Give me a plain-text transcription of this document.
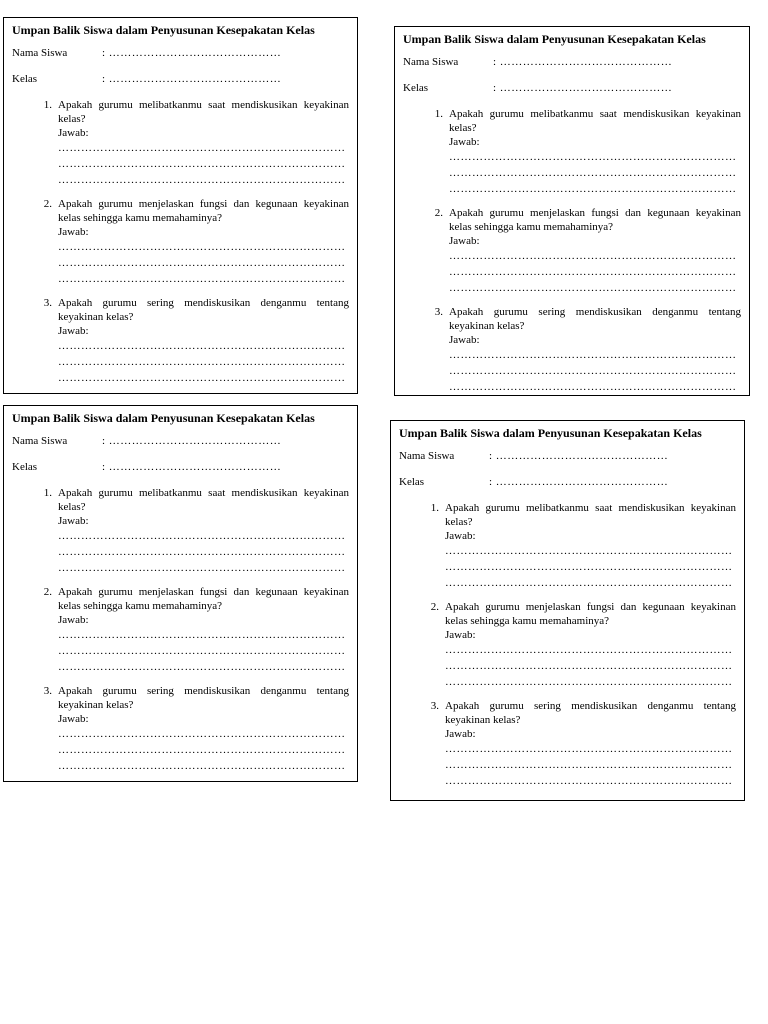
Umpan Balik Siswa dalam Penyusunan Kesepakatan Kelas
Nama Siswa	: ………………………………………
Kelas	: ………………………………………
1. Apakah gurumu melibatkanmu saat mendiskusikan keyakinan kelas?
Jawab:
…………………………………………………………………
…………………………………………………………………
…………………………………………………………………
2. Apakah gurumu menjelaskan fungsi dan kegunaan keyakinan kelas sehingga kamu memahaminya?
Jawab:
…………………………………………………………………
…………………………………………………………………
…………………………………………………………………
3. Apakah gurumu sering mendiskusikan denganmu tentang keyakinan kelas?
Jawab:
…………………………………………………………………
…………………………………………………………………
…………………………………………………………………
Umpan Balik Siswa dalam Penyusunan Kesepakatan Kelas
Nama Siswa	: ………………………………………
Kelas	: ………………………………………
1. Apakah gurumu melibatkanmu saat mendiskusikan keyakinan kelas?
Jawab:
…………………………………………………………………
…………………………………………………………………
…………………………………………………………………
2. Apakah gurumu menjelaskan fungsi dan kegunaan keyakinan kelas sehingga kamu memahaminya?
Jawab:
…………………………………………………………………
…………………………………………………………………
…………………………………………………………………
3. Apakah gurumu sering mendiskusikan denganmu tentang keyakinan kelas?
Jawab:
…………………………………………………………………
…………………………………………………………………
…………………………………………………………………
Umpan Balik Siswa dalam Penyusunan Kesepakatan Kelas
Nama Siswa	: ………………………………………
Kelas	: ………………………………………
1. Apakah gurumu melibatkanmu saat mendiskusikan keyakinan kelas?
Jawab:
…………………………………………………………………
…………………………………………………………………
…………………………………………………………………
2. Apakah gurumu menjelaskan fungsi dan kegunaan keyakinan kelas sehingga kamu memahaminya?
Jawab:
…………………………………………………………………
…………………………………………………………………
…………………………………………………………………
3. Apakah gurumu sering mendiskusikan denganmu tentang keyakinan kelas?
Jawab:
…………………………………………………………………
…………………………………………………………………
…………………………………………………………………
Umpan Balik Siswa dalam Penyusunan Kesepakatan Kelas
Nama Siswa	: ………………………………………
Kelas	: ………………………………………
1. Apakah gurumu melibatkanmu saat mendiskusikan keyakinan kelas?
Jawab:
…………………………………………………………………
…………………………………………………………………
…………………………………………………………………
2. Apakah gurumu menjelaskan fungsi dan kegunaan keyakinan kelas sehingga kamu memahaminya?
Jawab:
…………………………………………………………………
…………………………………………………………………
…………………………………………………………………
3. Apakah gurumu sering mendiskusikan denganmu tentang keyakinan kelas?
Jawab:
…………………………………………………………………
…………………………………………………………………
…………………………………………………………………
